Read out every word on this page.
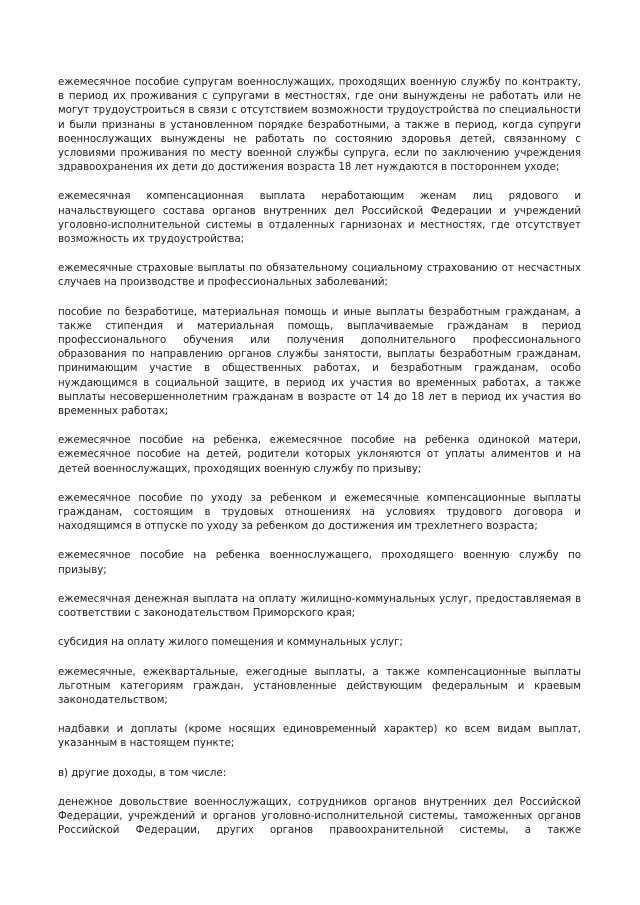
ежемесячное пособие супругам военнослужащих, проходящих военную службу по контракту, в период их проживания с супругами в местностях, где они вынуждены не работать или не могут трудоустроиться в связи с отсутствием возможности трудоустройства по специальности и были признаны в установленном порядке безработными, а также в период, когда супруги военнослужащих вынуждены не работать по состоянию здоровья детей, связанному с условиями проживания по месту военной службы супруга, если по заключению учреждения здравоохранения их дети до достижения возраста 18 лет нуждаются в постороннем уходе;

ежемесячная компенсационная выплата неработающим женам лиц рядового и начальствующего состава органов внутренних дел Российской Федерации и учреждений уголовно-исполнительной системы в отдаленных гарнизонах и местностях, где отсутствует возможность их трудоустройства;

ежемесячные страховые выплаты по обязательному социальному страхованию от несчастных случаев на производстве и профессиональных заболеваний;

пособие по безработице, материальная помощь и иные выплаты безработным гражданам, а также стипендия и материальная помощь, выплачиваемые гражданам в период профессионального обучения или получения дополнительного профессионального образования по направлению органов службы занятости, выплаты безработным гражданам, принимающим участие в общественных работах, и безработным гражданам, особо нуждающимся в социальной защите, в период их участия во временных работах, а также выплаты несовершеннолетним гражданам в возрасте от 14 до 18 лет в период их участия во временных работах;

ежемесячное пособие на ребенка, ежемесячное пособие на ребенка одинокой матери, ежемесячное пособие на детей, родители которых уклоняются от уплаты алиментов и на детей военнослужащих, проходящих военную службу по призыву;

ежемесячное пособие по уходу за ребенком и ежемесячные компенсационные выплаты гражданам, состоящим в трудовых отношениях на условиях трудового договора и находящимся в отпуске по уходу за ребенком до достижения им трехлетнего возраста;

ежемесячное пособие на ребенка военнослужащего, проходящего военную службу по призыву;

ежемесячная денежная выплата на оплату жилищно-коммунальных услуг, предоставляемая в соответствии с законодательством Приморского края;

субсидия на оплату жилого помещения и коммунальных услуг;

ежемесячные, ежеквартальные, ежегодные выплаты, а также компенсационные выплаты льготным категориям граждан, установленные действующим федеральным и краевым законодательством;

надбавки и доплаты (кроме носящих единовременный характер) ко всем видам выплат, указанным в настоящем пункте;

в) другие доходы, в том числе:

денежное довольствие военнослужащих, сотрудников органов внутренних дел Российской Федерации, учреждений и органов уголовно-исполнительной системы, таможенных органов Российской Федерации, других органов правоохранительной системы, а также
